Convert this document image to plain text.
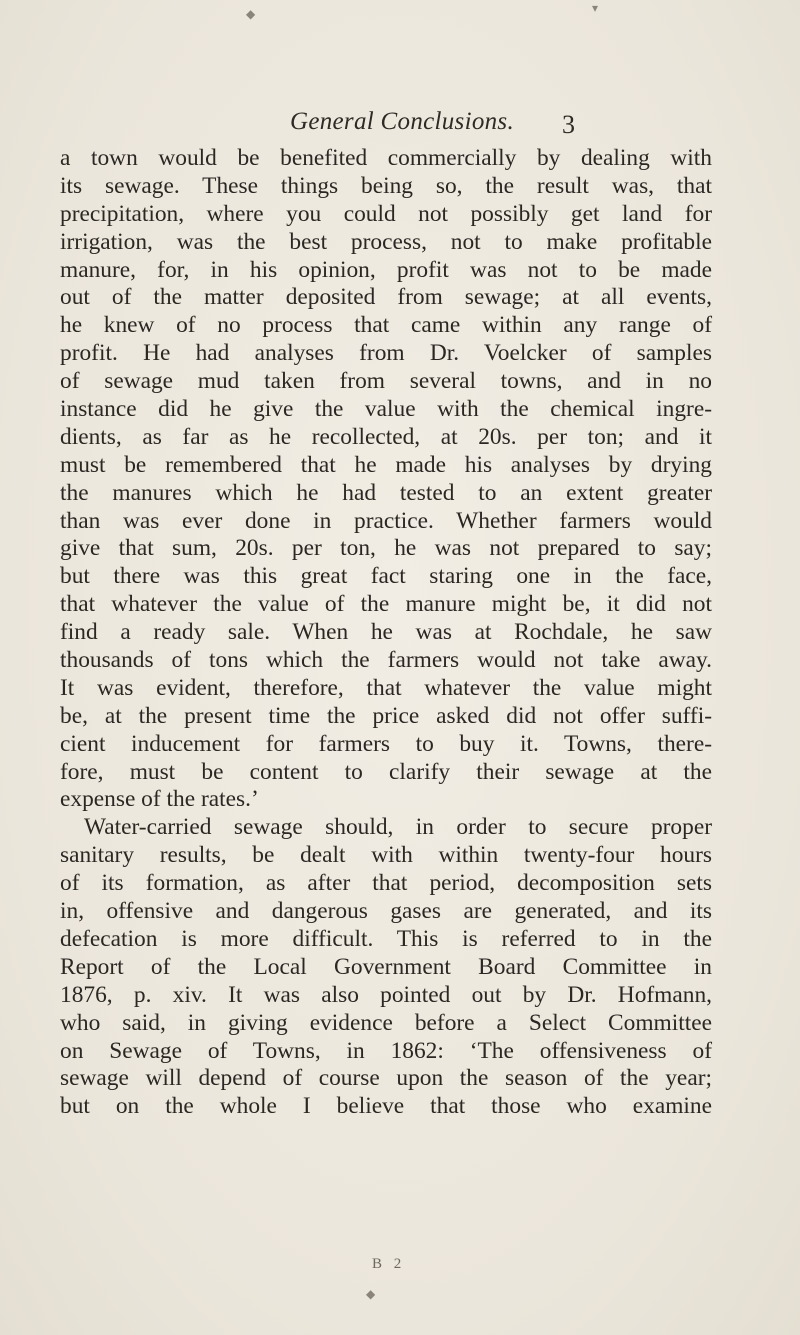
◆	▾
General Conclusions.	3
a town would be benefited commercially by dealing with
its sewage. These things being so, the result was, that
precipitation, where you could not possibly get land for
irrigation, was the best process, not to make profitable
manure, for, in his opinion, profit was not to be made
out of the matter deposited from sewage; at all events,
he knew of no process that came within any range of
profit. He had analyses from Dr. Voelcker of samples
of sewage mud taken from several towns, and in no
instance did he give the value with the chemical ingre-
dients, as far as he recollected, at 20s. per ton; and it
must be remembered that he made his analyses by drying
the manures which he had tested to an extent greater
than was ever done in practice. Whether farmers would
give that sum, 20s. per ton, he was not prepared to say;
but there was this great fact staring one in the face,
that whatever the value of the manure might be, it did not
find a ready sale. When he was at Rochdale, he saw
thousands of tons which the farmers would not take away.
It was evident, therefore, that whatever the value might
be, at the present time the price asked did not offer suffi-
cient inducement for farmers to buy it. Towns, there-
fore, must be content to clarify their sewage at the
expense of the rates.’
Water-carried sewage should, in order to secure proper
sanitary results, be dealt with within twenty-four hours
of its formation, as after that period, decomposition sets
in, offensive and dangerous gases are generated, and its
defecation is more difficult. This is referred to in the
Report of the Local Government Board Committee in
1876, p. xiv. It was also pointed out by Dr. Hofmann,
who said, in giving evidence before a Select Committee
on Sewage of Towns, in 1862: ‘The offensiveness of
sewage will depend of course upon the season of the year;
but on the whole I believe that those who examine
B 2
◆
